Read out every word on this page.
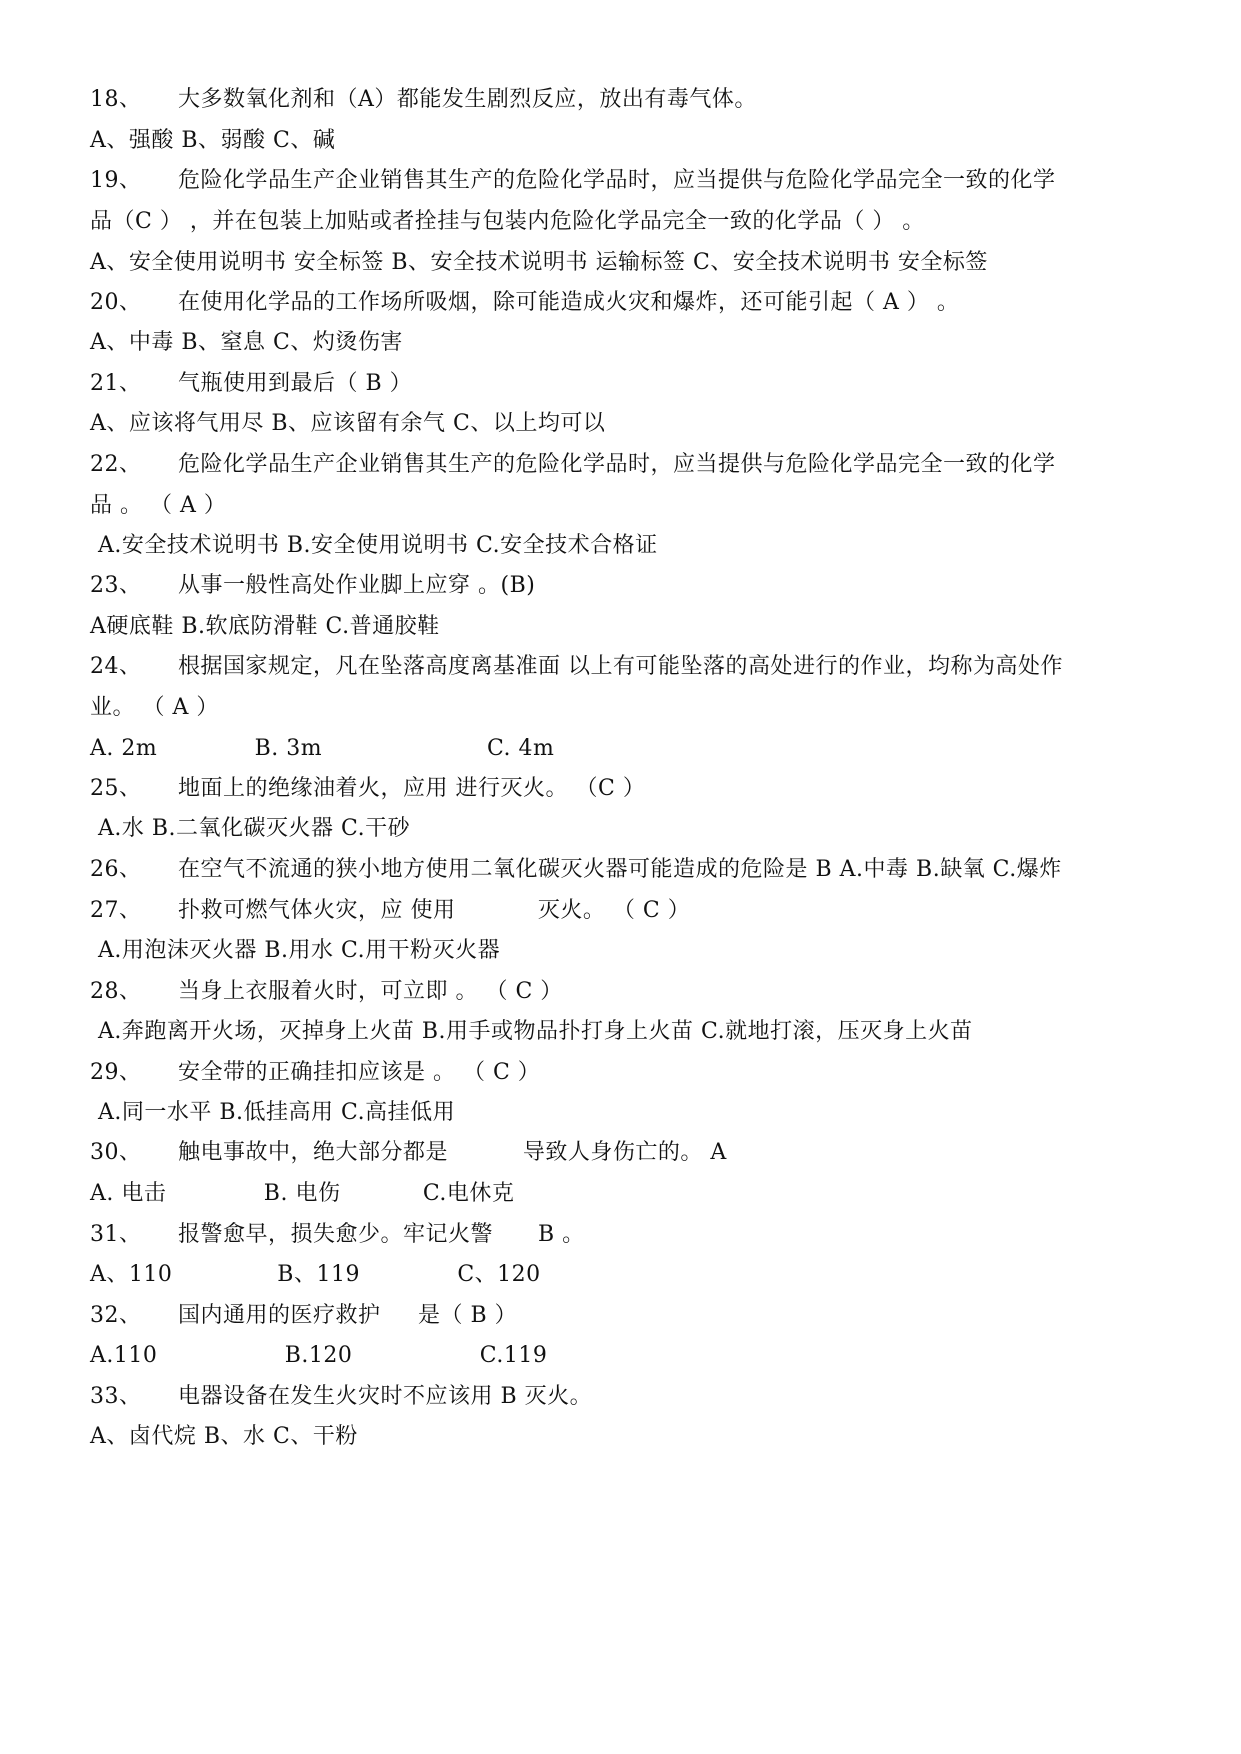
18、 大多数氧化剂和（A）都能发生剧烈反应，放出有毒气体。
A、强酸 B、弱酸 C、碱
19、 危险化学品生产企业销售其生产的危险化学品时，应当提供与危险化学品完全一致的化学
品（C ） ，并在包装上加贴或者拴挂与包装内危险化学品完全一致的化学品（ ） 。
A、安全使用说明书 安全标签 B、安全技术说明书 运输标签 C、安全技术说明书 安全标签
20、 在使用化学品的工作场所吸烟，除可能造成火灾和爆炸，还可能引起（ A ） 。
A、中毒 B、窒息 C、灼烫伤害
21、 气瓶使用到最后（ B ）
A、应该将气用尽 B、应该留有余气 C、以上均可以
22、 危险化学品生产企业销售其生产的危险化学品时，应当提供与危险化学品完全一致的化学
品 。 （ A ）
A.安全技术说明书 B.安全使用说明书 C.安全技术合格证
23、 从事一般性高处作业脚上应穿 。(B)
A硬底鞋 B.软底防滑鞋 C.普通胶鞋
24、 根据国家规定，凡在坠落高度离基准面 以上有可能坠落的高处进行的作业，均称为高处作
业。 （ A ）
A. 2m             B. 3m                      C. 4m
25、 地面上的绝缘油着火，应用 进行灭火。 （C ）
A.水 B.二氧化碳灭火器 C.干砂
26、 在空气不流通的狭小地方使用二氧化碳灭火器可能造成的危险是 B A.中毒 B.缺氧 C.爆炸
27、 扑救可燃气体火灾，应 使用           灭火。 （ C ）
A.用泡沫灭火器 B.用水 C.用干粉灭火器
28、 当身上衣服着火时，可立即 。 （ C ）
A.奔跑离开火场，灭掉身上火苗 B.用手或物品扑打身上火苗 C.就地打滚，压灭身上火苗
29、 安全带的正确挂扣应该是 。 （ C ）
A.同一水平 B.低挂高用 C.高挂低用
30、 触电事故中，绝大部分都是          导致人身伤亡的。 A
A. 电击             B. 电伤           C.电休克
31、 报警愈早，损失愈少。牢记火警      B 。
A、110              B、119             C、120
32、 国内通用的医疗救护     是（ B ）
A.110                 B.120                 C.119
33、 电器设备在发生火灾时不应该用 B 灭火。
A、卤代烷 B、水 C、干粉
